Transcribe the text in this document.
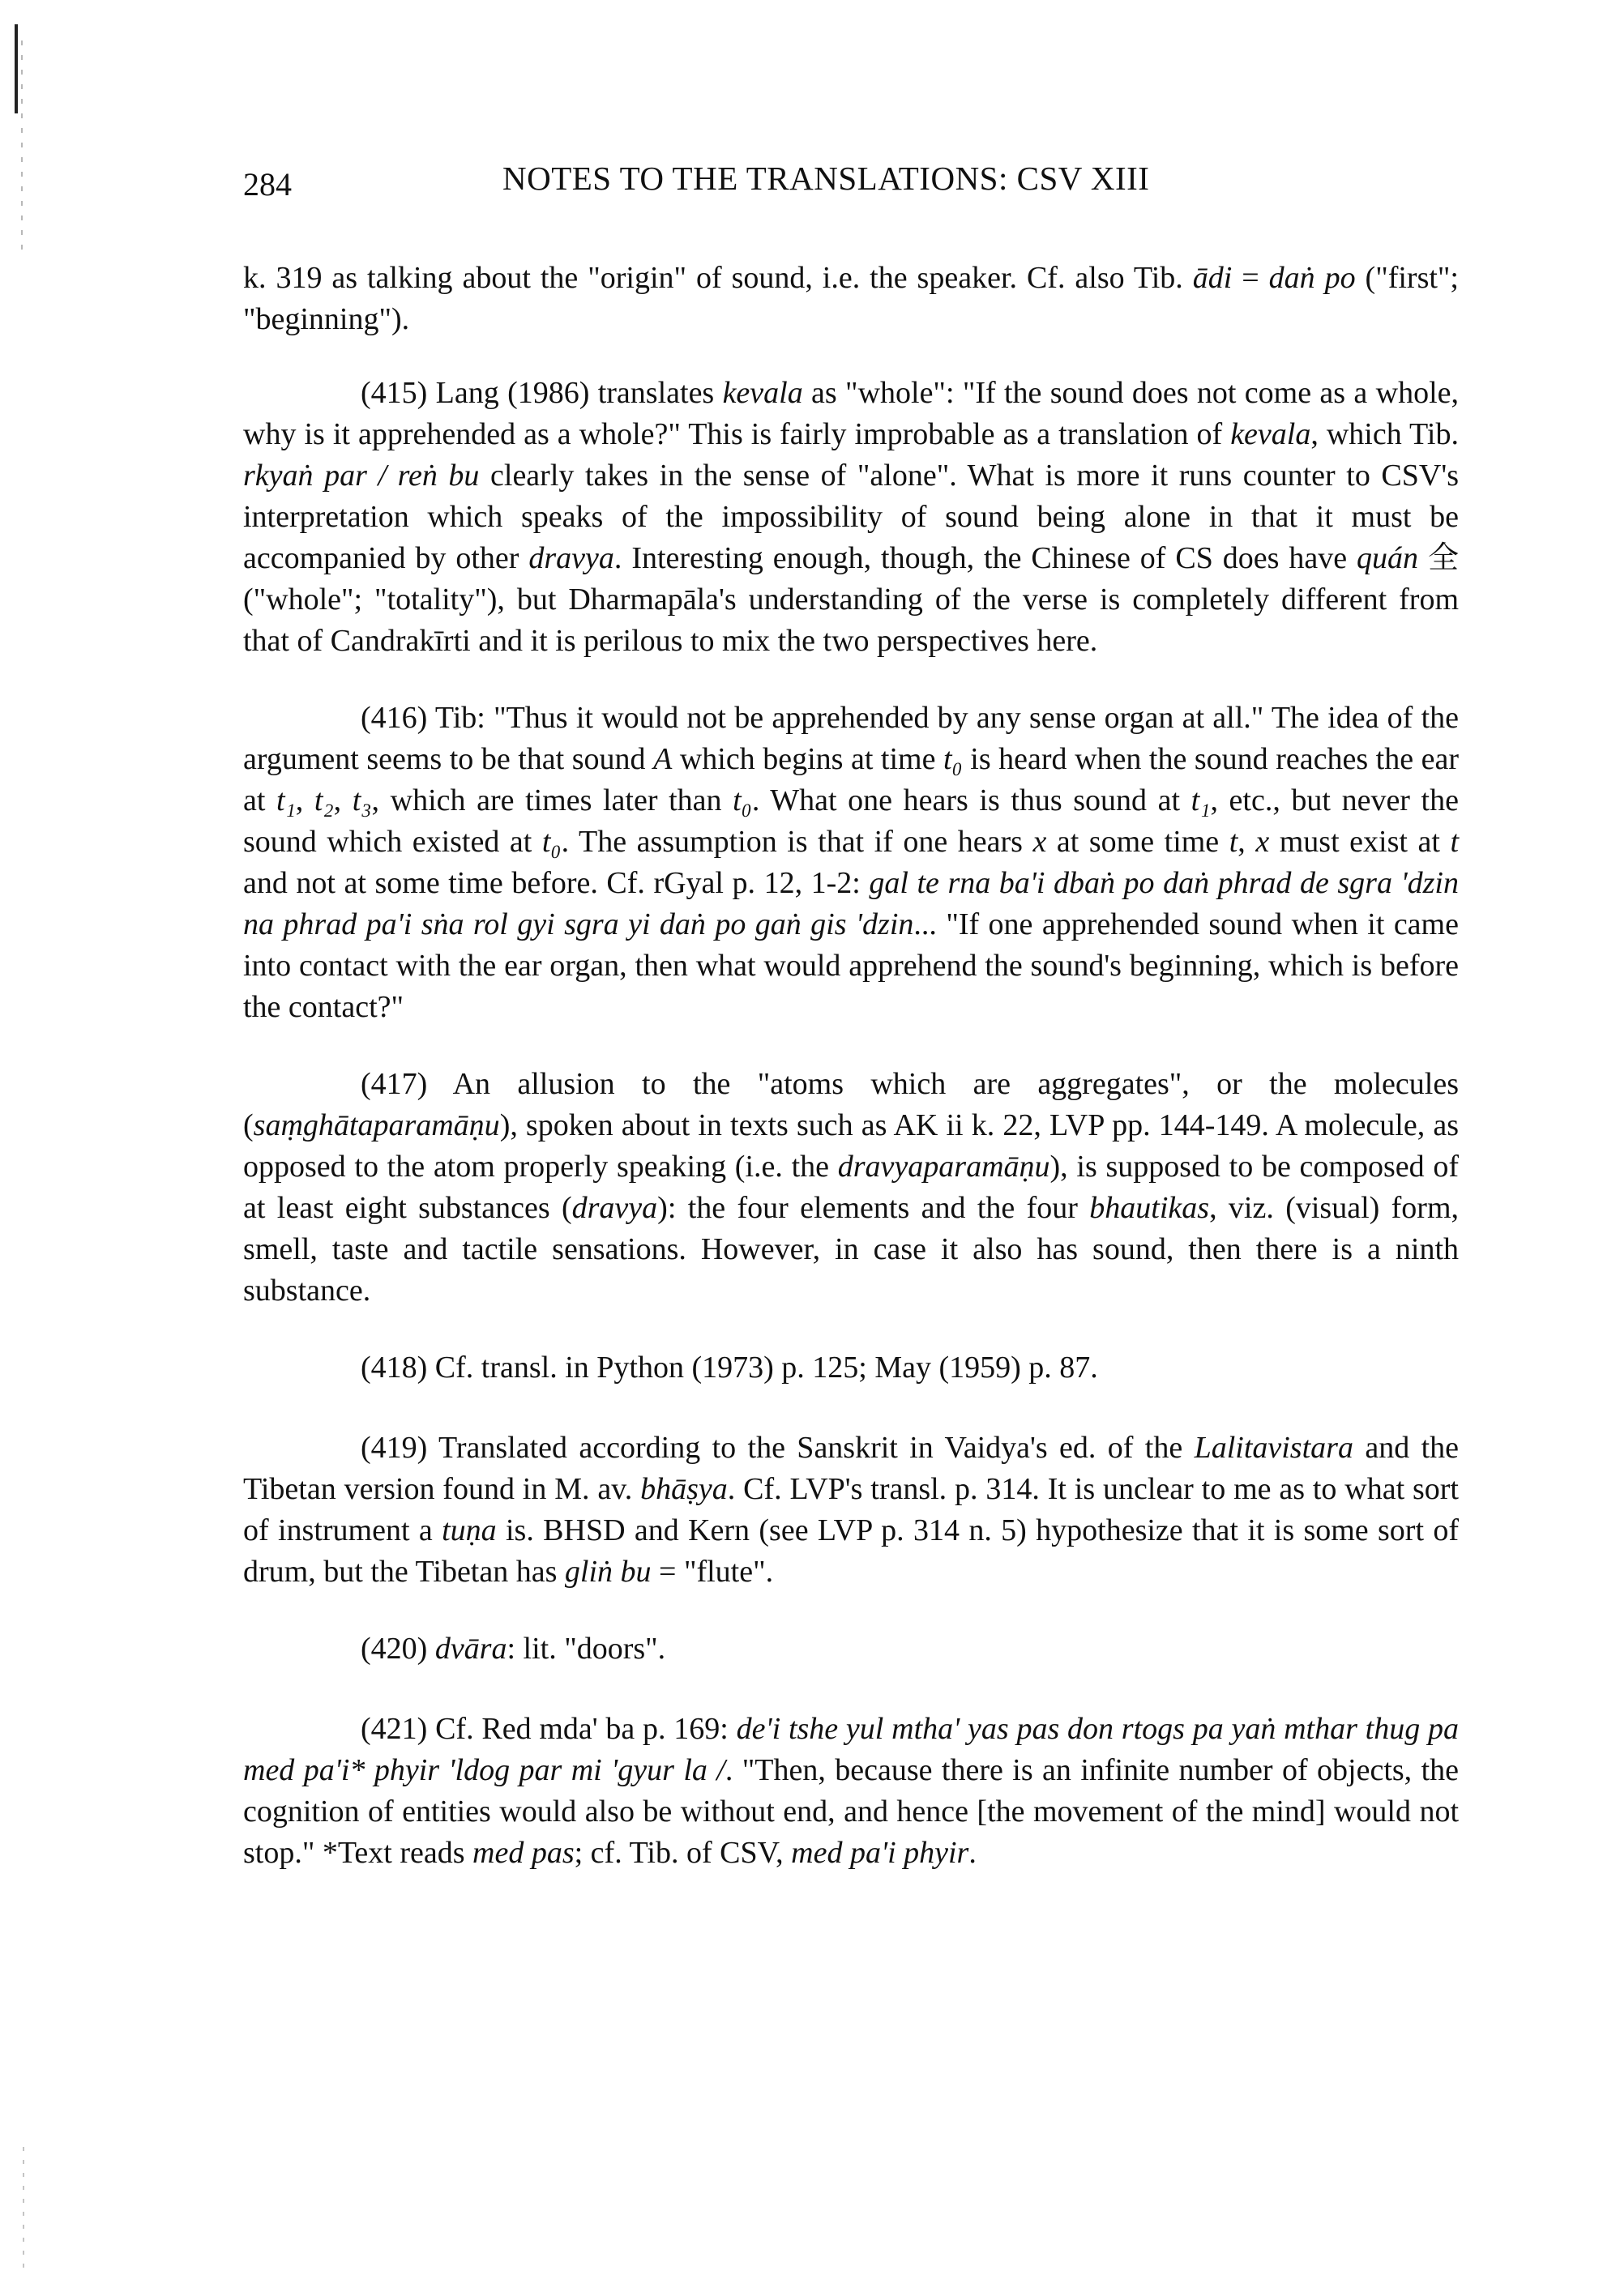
284	NOTES TO THE TRANSLATIONS: CSV XIII

k. 319 as talking about the "origin" of sound, i.e. the speaker. Cf. also Tib. ādi = daṅ po ("first"; "beginning").

(415) Lang (1986) translates kevala as "whole": "If the sound does not come as a whole, why is it apprehended as a whole?" This is fairly improbable as a translation of kevala, which Tib. rkyaṅ par / reṅ bu clearly takes in the sense of "alone". What is more it runs counter to CSV's interpretation which speaks of the impossibility of sound being alone in that it must be accompanied by other dravya. Interesting enough, though, the Chinese of CS does have quán 全 ("whole"; "totality"), but Dharmapāla's understanding of the verse is completely different from that of Candrakīrti and it is perilous to mix the two perspectives here.

(416) Tib: "Thus it would not be apprehended by any sense organ at all." The idea of the argument seems to be that sound A which begins at time t₀ is heard when the sound reaches the ear at t₁, t₂, t₃, which are times later than t₀. What one hears is thus sound at t₁, etc., but never the sound which existed at t₀. The assumption is that if one hears x at some time t, x must exist at t and not at some time before. Cf. rGyal p. 12, 1-2: gal te rna ba'i dbaṅ po daṅ phrad de sgra 'dzin na phrad pa'i sṅa rol gyi sgra yi daṅ po gaṅ gis 'dzin... "If one apprehended sound when it came into contact with the ear organ, then what would apprehend the sound's beginning, which is before the contact?"

(417) An allusion to the "atoms which are aggregates", or the molecules (saṃghātaparamāṇu), spoken about in texts such as AK ii k. 22, LVP pp. 144-149. A molecule, as opposed to the atom properly speaking (i.e. the dravyaparamāṇu), is supposed to be composed of at least eight substances (dravya): the four elements and the four bhautikas, viz. (visual) form, smell, taste and tactile sensations. However, in case it also has sound, then there is a ninth substance.

(418) Cf. transl. in Python (1973) p. 125; May (1959) p. 87.

(419) Translated according to the Sanskrit in Vaidya's ed. of the Lalitavistara and the Tibetan version found in M. av. bhāṣya. Cf. LVP's transl. p. 314. It is unclear to me as to what sort of instrument a tuṇa is. BHSD and Kern (see LVP p. 314 n. 5) hypothesize that it is some sort of drum, but the Tibetan has gliṅ bu = "flute".

(420) dvāra: lit. "doors".

(421) Cf. Red mda' ba p. 169: de'i tshe yul mtha' yas pas don rtogs pa yaṅ mthar thug pa med pa'i* phyir 'ldog par mi 'gyur la /. "Then, because there is an infinite number of objects, the cognition of entities would also be without end, and hence [the movement of the mind] would not stop." *Text reads med pas; cf. Tib. of CSV, med pa'i phyir.
